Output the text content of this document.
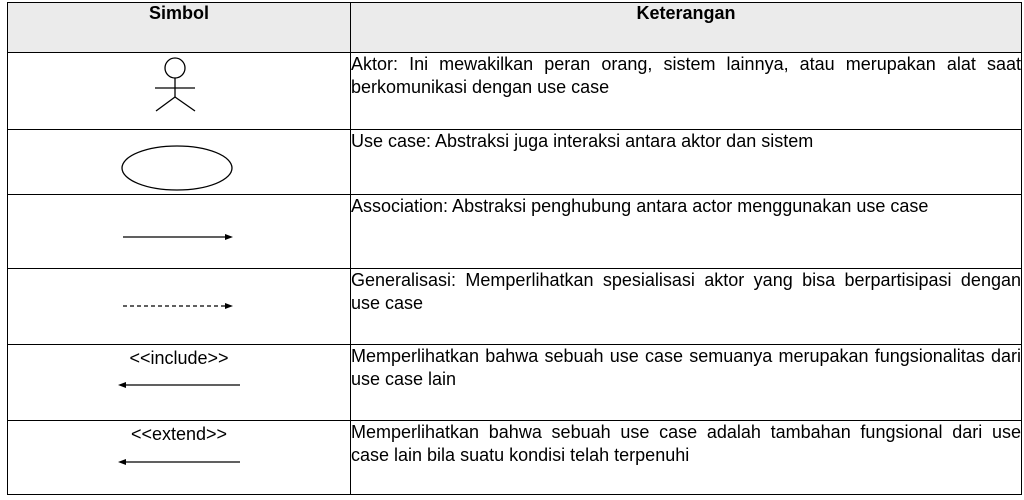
Simbol	Keterangan

	Aktor: Ini mewakilkan peran orang, sistem lainnya, atau merupakan alat saat berkomunikasi dengan use case

	Use case: Abstraksi juga interaksi antara aktor dan sistem

	Association: Abstraksi penghubung antara actor menggunakan use case

	Generalisasi: Memperlihatkan spesialisasi aktor yang bisa berpartisipasi dengan use case

<<include>>	Memperlihatkan bahwa sebuah use case semuanya merupakan fungsionalitas dari use case lain

<<extend>>	Memperlihatkan bahwa sebuah use case adalah tambahan fungsional dari use case lain bila suatu kondisi telah terpenuhi
